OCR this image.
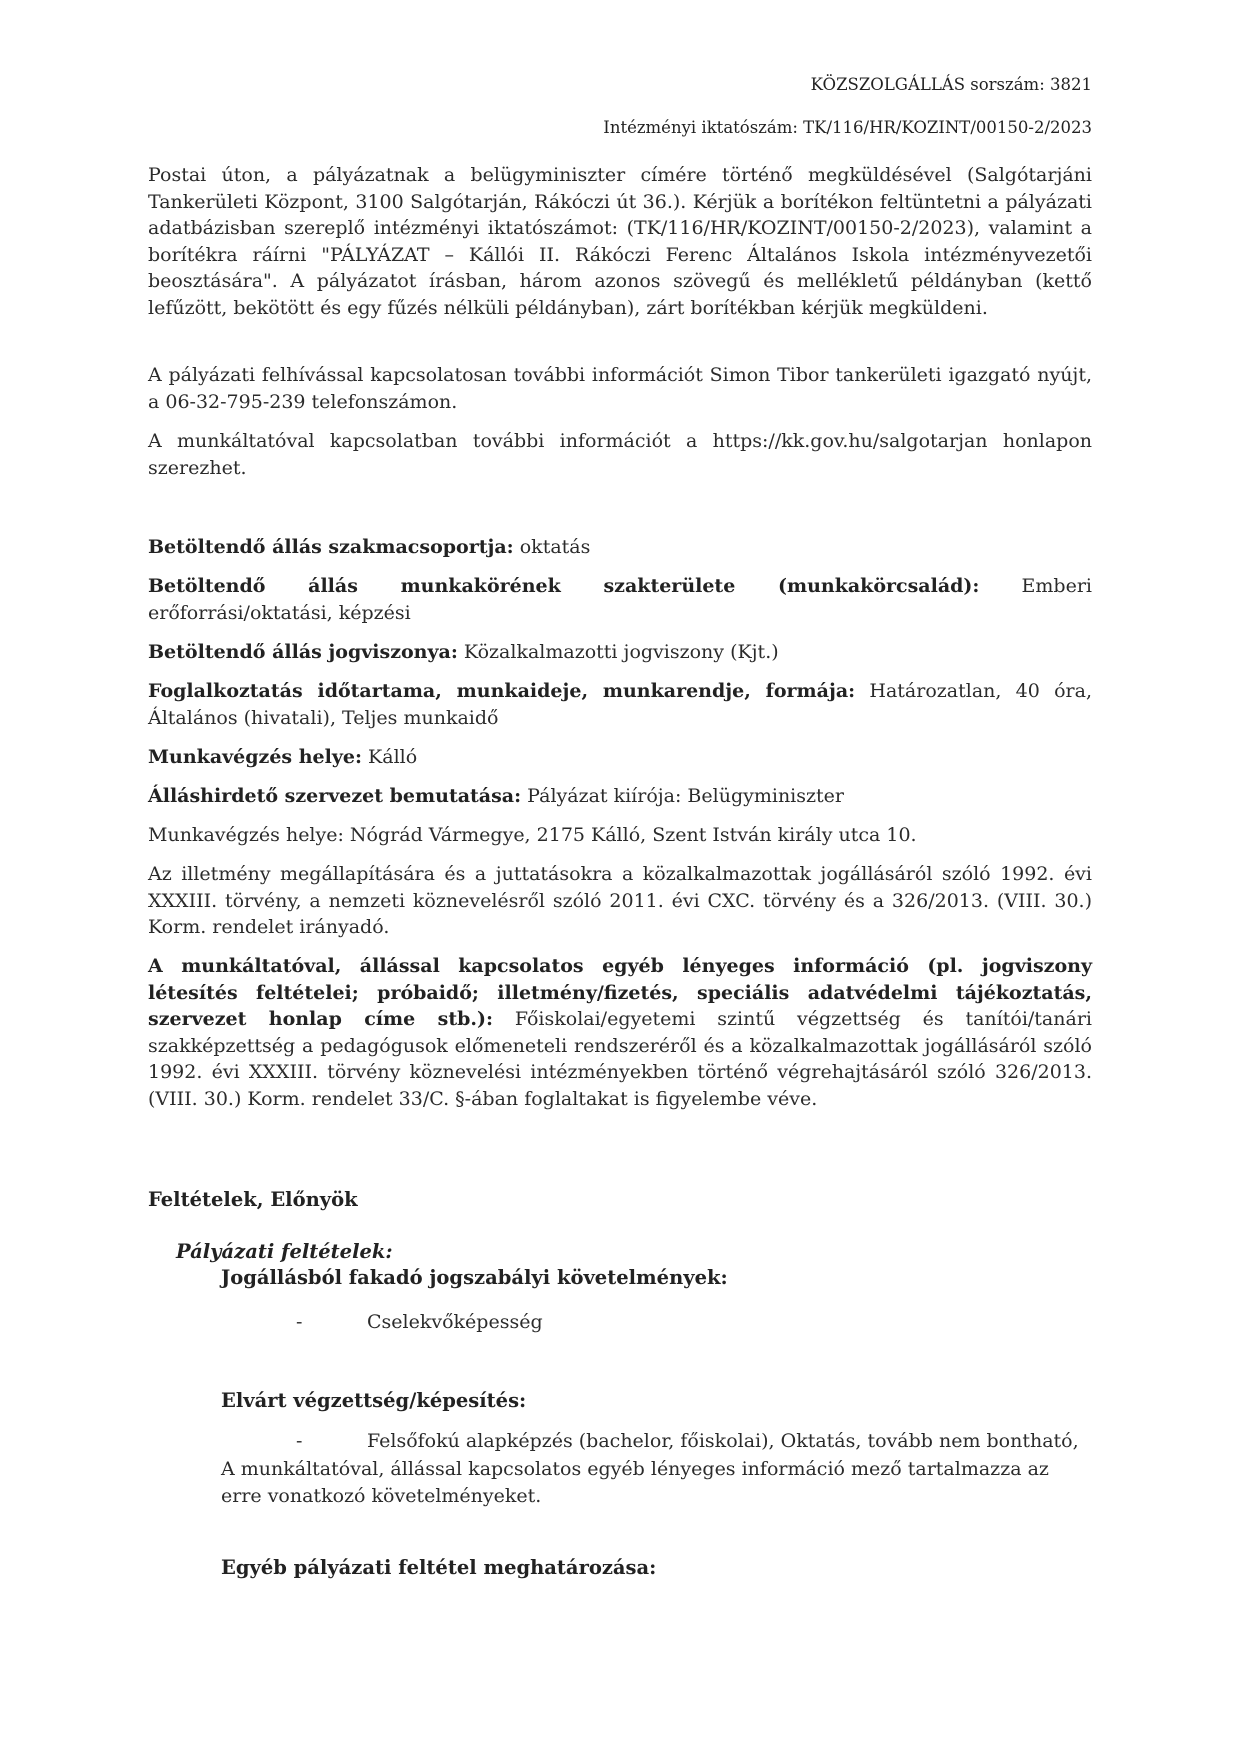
KÖZSZOLGÁLLÁS sorszám: 3821
Intézményi iktatószám: TK/116/HR/KOZINT/00150-2/2023

Postai úton, a pályázatnak a belügyminiszter címére történő megküldésével (Salgótarjáni Tankerületi Központ, 3100 Salgótarján, Rákóczi út 36.). Kérjük a borítékon feltüntetni a pályázati adatbázisban szereplő intézményi iktatószámot: (TK/116/HR/KOZINT/00150-2/2023), valamint a borítékra ráírni "PÁLYÁZAT – Kállói II. Rákóczi Ferenc Általános Iskola intézményvezetői beosztására". A pályázatot írásban, három azonos szövegű és mellékletű példányban (kettő lefűzött, bekötött és egy fűzés nélküli példányban), zárt borítékban kérjük megküldeni.

A pályázati felhívással kapcsolatosan további információt Simon Tibor tankerületi igazgató nyújt, a 06-32-795-239 telefonszámon.

A munkáltatóval kapcsolatban további információt a https://kk.gov.hu/salgotarjan honlapon szerezhet.

Betöltendő állás szakmacsoportja: oktatás

Betöltendő állás munkakörének szakterülete (munkakörcsalád): Emberi erőforrási/oktatási, képzési

Betöltendő állás jogviszonya: Közalkalmazotti jogviszony (Kjt.)

Foglalkoztatás időtartama, munkaideje, munkarendje, formája: Határozatlan, 40 óra, Általános (hivatali), Teljes munkaidő

Munkavégzés helye: Kálló

Álláshirdető szervezet bemutatása: Pályázat kiírója: Belügyminiszter

Munkavégzés helye: Nógrád Vármegye, 2175 Kálló, Szent István király utca 10.

Az illetmény megállapítására és a juttatásokra a közalkalmazottak jogállásáról szóló 1992. évi XXXIII. törvény, a nemzeti köznevelésről szóló 2011. évi CXC. törvény és a 326/2013. (VIII. 30.) Korm. rendelet irányadó.

A munkáltatóval, állással kapcsolatos egyéb lényeges információ (pl. jogviszony létesítés feltételei; próbaidő; illetmény/fizetés, speciális adatvédelmi tájékoztatás, szervezet honlap címe stb.): Főiskolai/egyetemi szintű végzettség és tanítói/tanári szakképzettség a pedagógusok előmeneteli rendszeréről és a közalkalmazottak jogállásáról szóló 1992. évi XXXIII. törvény köznevelési intézményekben történő végrehajtásáról szóló 326/2013. (VIII. 30.) Korm. rendelet 33/C. §-ában foglaltakat is figyelembe véve.

Feltételek, Előnyök
Pályázati feltételek:
Jogállásból fakadó jogszabályi követelmények:
-	Cselekvőképesség
Elvárt végzettség/képesítés:
-	Felsőfokú alapképzés (bachelor, főiskolai), Oktatás, tovább nem bontható,

A munkáltatóval, állással kapcsolatos egyéb lényeges információ mező tartalmazza az erre vonatkozó követelményeket.

Egyéb pályázati feltétel meghatározása:
